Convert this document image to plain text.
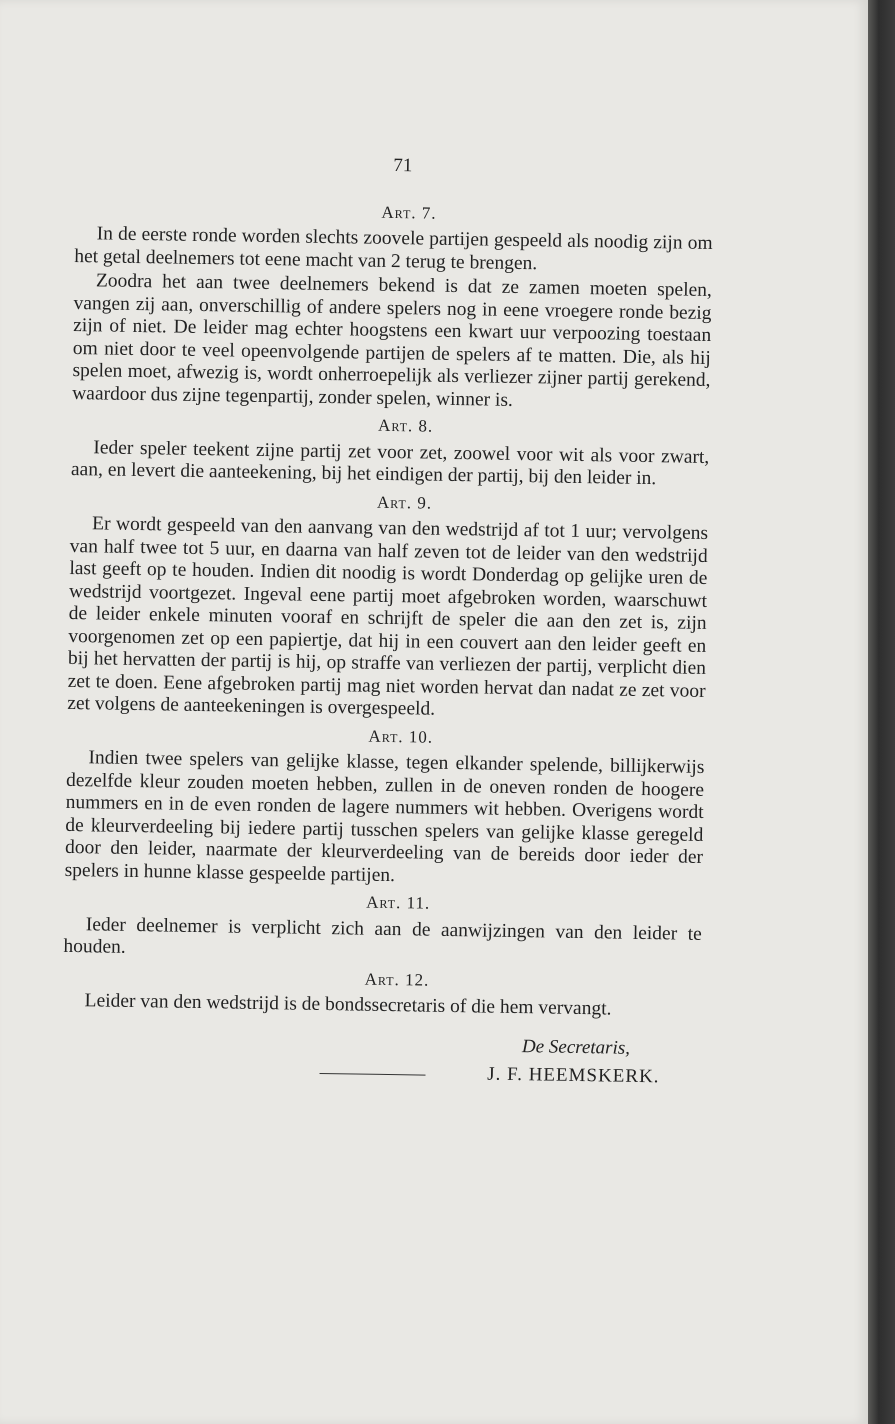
71
Art. 7.

In de eerste ronde worden slechts zoovele partijen gespeeld als noodig zijn om het getal deelnemers tot eene macht van 2 terug te brengen.

Zoodra het aan twee deelnemers bekend is dat ze zamen moeten spelen, vangen zij aan, onverschillig of andere spelers nog in eene vroegere ronde bezig zijn of niet. De leider mag echter hoogstens een kwart uur verpoozing toestaan om niet door te veel opeenvolgende partijen de spelers af te matten. Die, als hij spelen moet, afwezig is, wordt onherroepelijk als verliezer zijner partij gerekend, waardoor dus zijne tegenpartij, zonder spelen, winner is.

Art. 8.

Ieder speler teekent zijne partij zet voor zet, zoowel voor wit als voor zwart, aan, en levert die aanteekening, bij het eindigen der partij, bij den leider in.

Art. 9.

Er wordt gespeeld van den aanvang van den wedstrijd af tot 1 uur; vervolgens van half twee tot 5 uur, en daarna van half zeven tot de leider van den wedstrijd last geeft op te houden. Indien dit noodig is wordt Donderdag op gelijke uren de wedstrijd voortgezet. Ingeval eene partij moet afgebroken worden, waarschuwt de leider enkele minuten vooraf en schrijft de speler die aan den zet is, zijn voorgenomen zet op een papiertje, dat hij in een couvert aan den leider geeft en bij het hervatten der partij is hij, op straffe van verliezen der partij, verplicht dien zet te doen. Eene afgebroken partij mag niet worden hervat dan nadat ze zet voor zet volgens de aanteekeningen is overgespeeld.

Art. 10.

Indien twee spelers van gelijke klasse, tegen elkander spelende, billijkerwijs dezelfde kleur zouden moeten hebben, zullen in de oneven ronden de hoogere nummers en in de even ronden de lagere nummers wit hebben. Overigens wordt de kleurverdeeling bij iedere partij tusschen spelers van gelijke klasse geregeld door den leider, naarmate der kleurverdeeling van de bereids door ieder der spelers in hunne klasse gespeelde partijen.

Art. 11.

Ieder deelnemer is verplicht zich aan de aanwijzingen van den leider te houden.

Art. 12.

Leider van den wedstrijd is de bondssecretaris of die hem vervangt.

De Secretaris,
J. F. HEEMSKERK.
